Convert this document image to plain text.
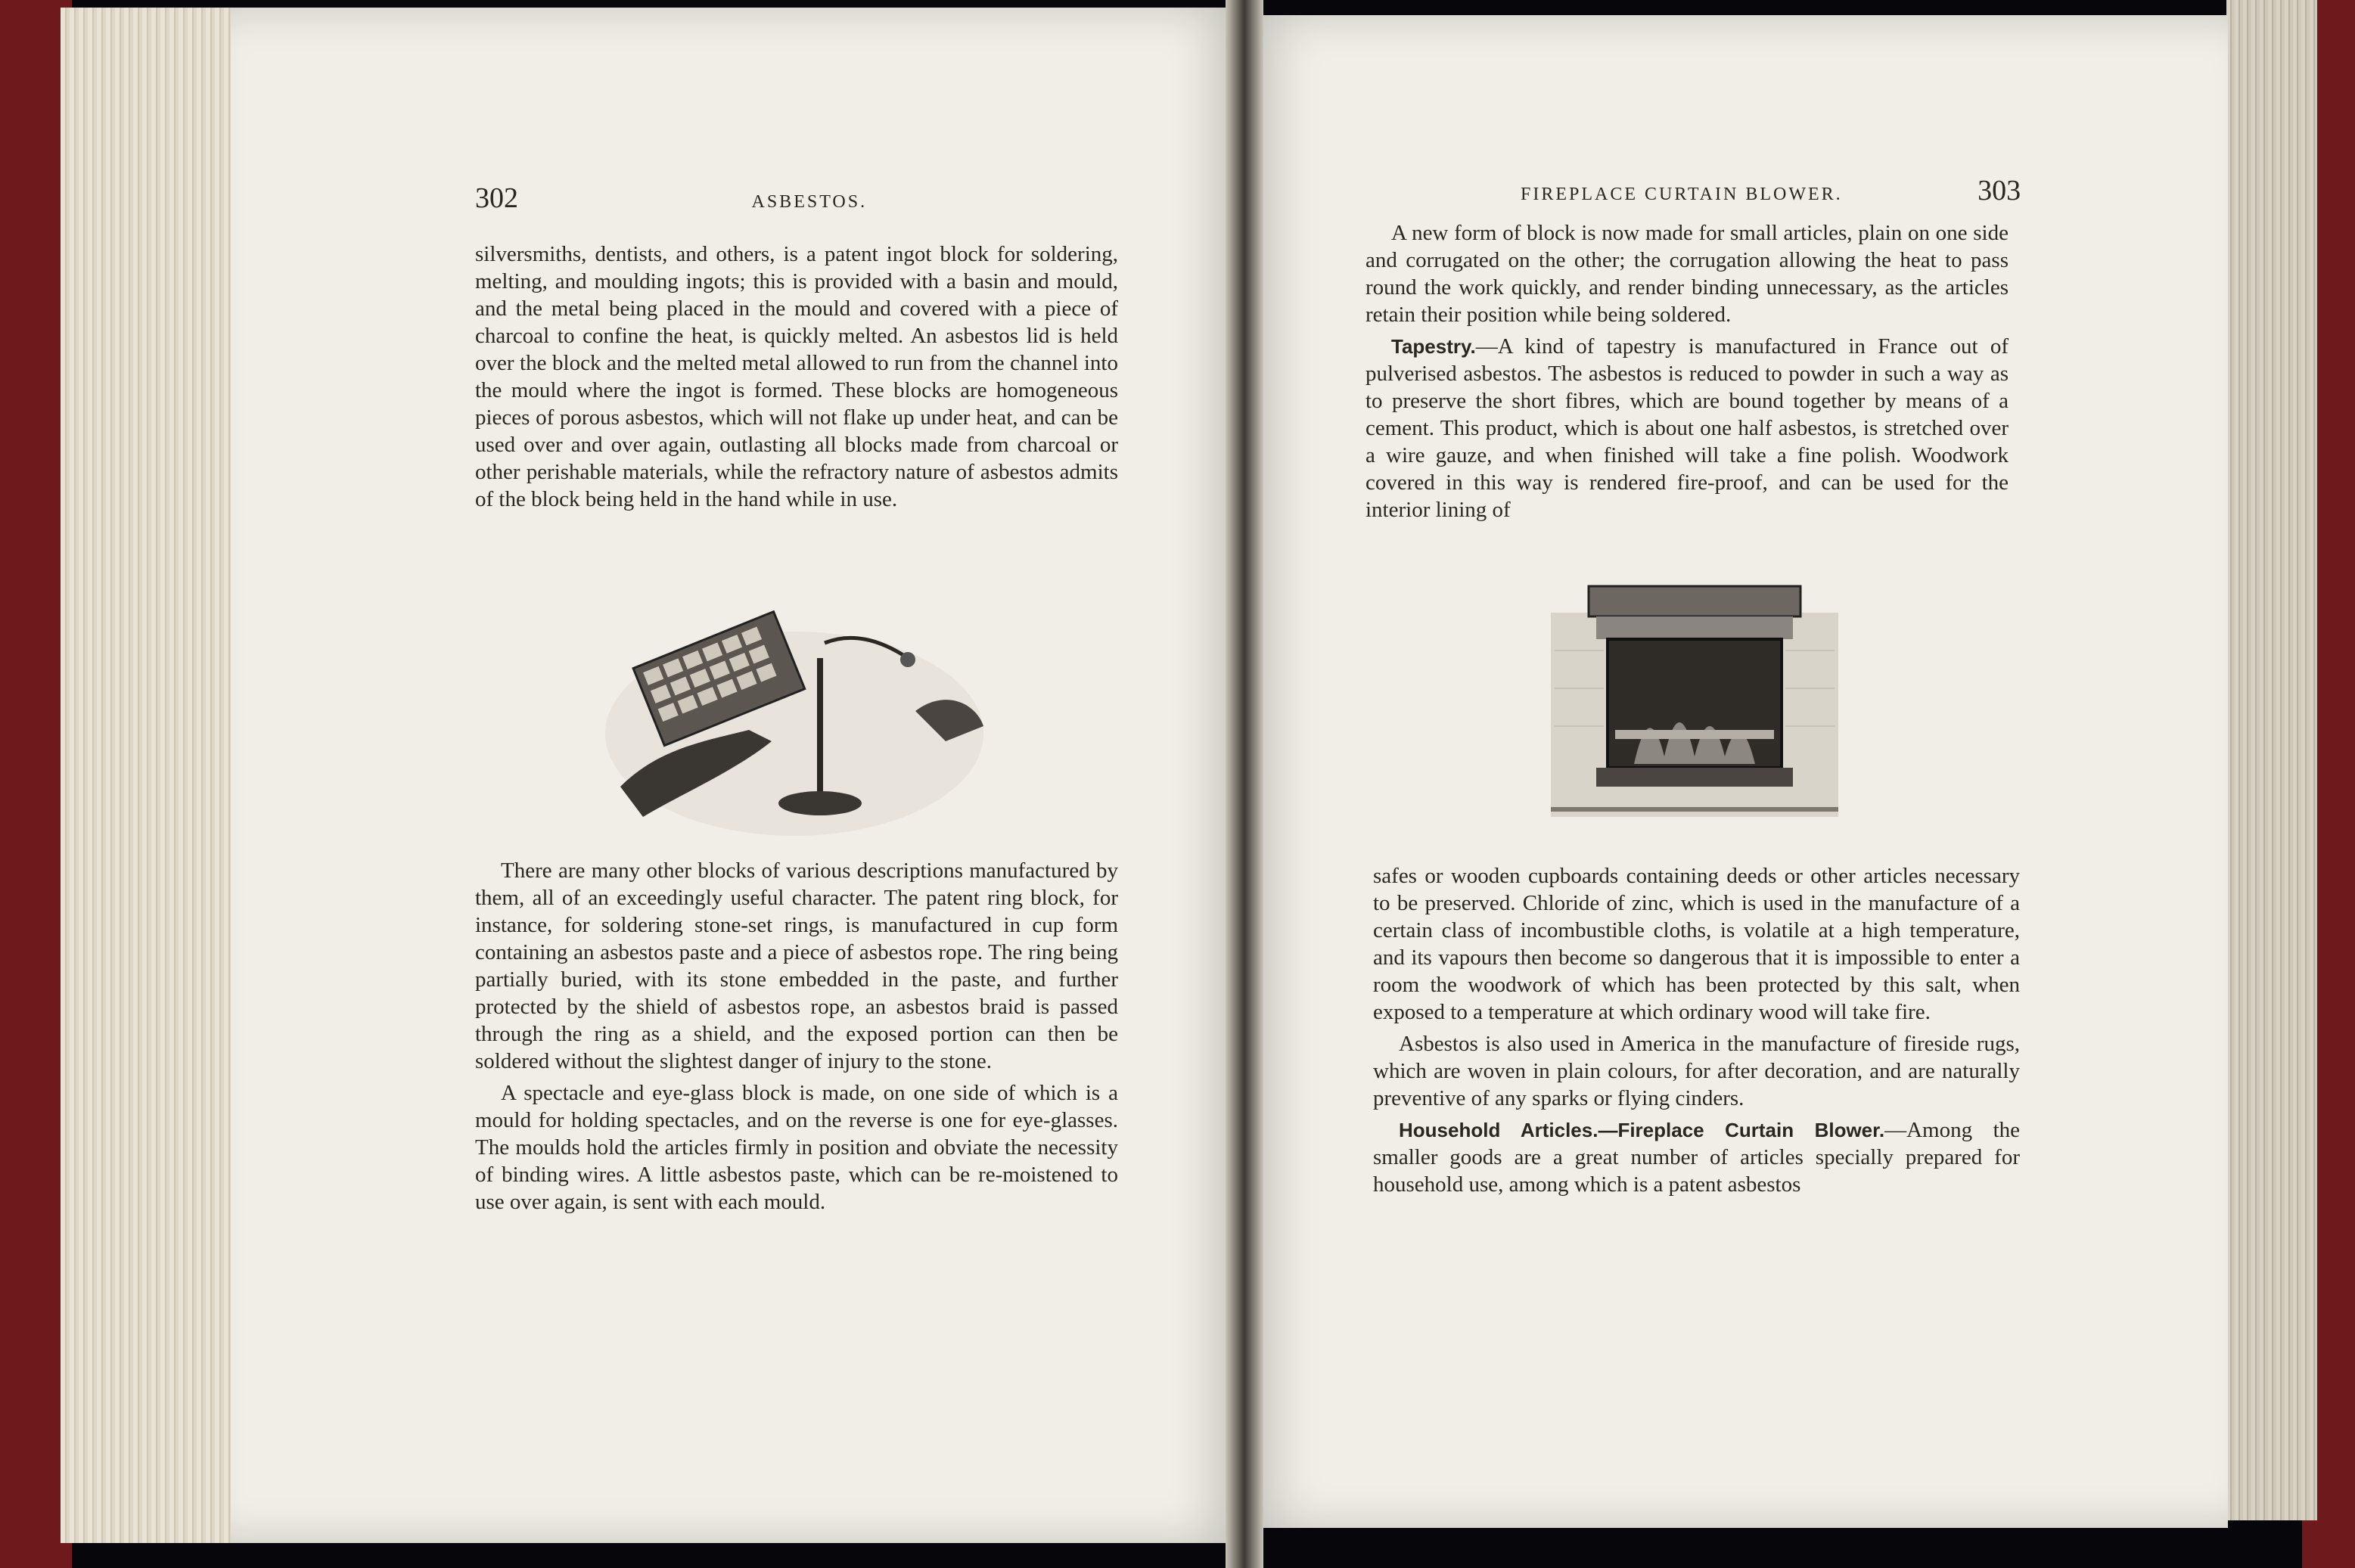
302	ASBESTOS.

silversmiths, dentists, and others, is a patent ingot block for soldering, melting, and moulding ingots; this is provided with a basin and mould, and the metal being placed in the mould and covered with a piece of charcoal to confine the heat, is quickly melted. An asbestos lid is held over the block and the melted metal allowed to run from the channel into the mould where the ingot is formed. These blocks are homogeneous pieces of porous asbestos, which will not flake up under heat, and can be used over and over again, outlasting all blocks made from charcoal or other perishable materials, while the refractory nature of asbestos admits of the block being held in the hand while in use.

There are many other blocks of various descriptions manufactured by them, all of an exceedingly useful character. The patent ring block, for instance, for soldering stone-set rings, is manufactured in cup form containing an asbestos paste and a piece of asbestos rope. The ring being partially buried, with its stone embedded in the paste, and further protected by the shield of asbestos rope, an asbestos braid is passed through the ring as a shield, and the exposed portion can then be soldered without the slightest danger of injury to the stone.

A spectacle and eye-glass block is made, on one side of which is a mould for holding spectacles, and on the reverse is one for eye-glasses. The moulds hold the articles firmly in position and obviate the necessity of binding wires. A little asbestos paste, which can be re-moistened to use over again, is sent with each mould.

FIREPLACE CURTAIN BLOWER.	303

A new form of block is now made for small articles, plain on one side and corrugated on the other; the corrugation allowing the heat to pass round the work quickly, and render binding unnecessary, as the articles retain their position while being soldered.

Tapestry.—A kind of tapestry is manufactured in France out of pulverised asbestos. The asbestos is reduced to powder in such a way as to preserve the short fibres, which are bound together by means of a cement. This product, which is about one half asbestos, is stretched over a wire gauze, and when finished will take a fine polish. Woodwork covered in this way is rendered fire-proof, and can be used for the interior lining of

safes or wooden cupboards containing deeds or other articles necessary to be preserved. Chloride of zinc, which is used in the manufacture of a certain class of incombustible cloths, is volatile at a high temperature, and its vapours then become so dangerous that it is impossible to enter a room the woodwork of which has been protected by this salt, when exposed to a temperature at which ordinary wood will take fire.

Asbestos is also used in America in the manufacture of fireside rugs, which are woven in plain colours, for after decoration, and are naturally preventive of any sparks or flying cinders.

Household Articles.—Fireplace Curtain Blower.—Among the smaller goods are a great number of articles specially prepared for household use, among which is a patent asbestos
